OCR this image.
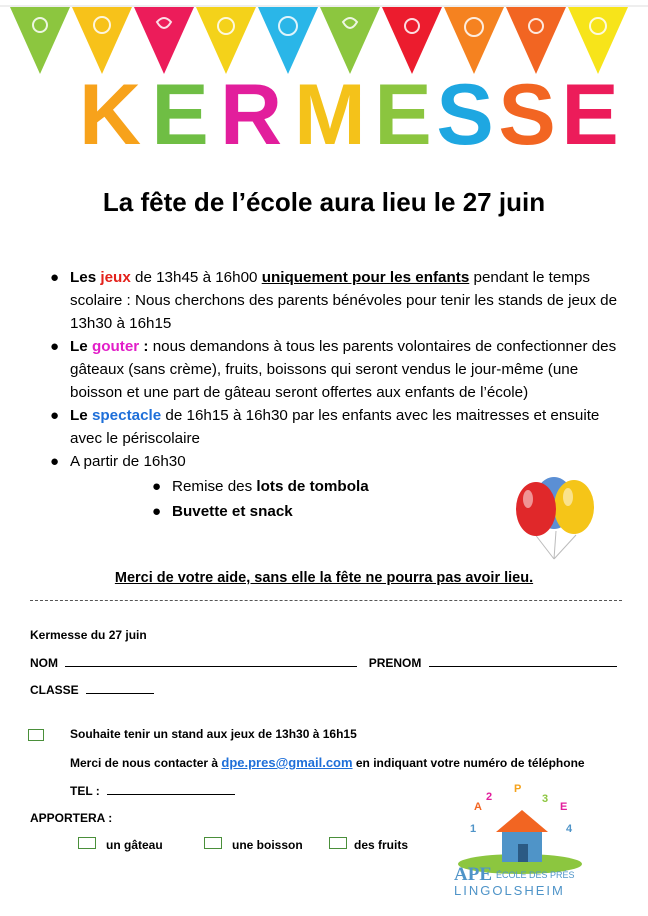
K E R M E S S E
La fête de l’école aura lieu le 27 juin
● Les jeux de 13h45 à 16h00 uniquement pour les enfants pendant le temps scolaire : Nous cherchons des parents bénévoles pour tenir les stands de jeux de 13h30 à 16h15
● Le gouter : nous demandons à tous les parents volontaires de confectionner des gâteaux (sans crème), fruits, boissons qui seront vendus le jour-même (une boisson et une part de gâteau seront offertes aux enfants de l’école)
● Le spectacle de 16h15 à 16h30 par les enfants avec les maitresses et ensuite avec le périscolaire
● A partir de 16h30
● Remise des lots de tombola
● Buvette et snack
Merci de votre aide, sans elle la fête ne pourra pas avoir lieu.
Kermesse du 27 juin
NOM	PRENOM
CLASSE
Souhaite tenir un stand aux jeux de 13h30 à 16h15
Merci de nous contacter à dpe.pres@gmail.com en indiquant votre numéro de téléphone
TEL :
APPORTERA :
un gâteau	une boisson	des fruits
1
A
2
P
3
E
4
APE ÉCOLE DES PRÉS
LINGOLSHEIM
